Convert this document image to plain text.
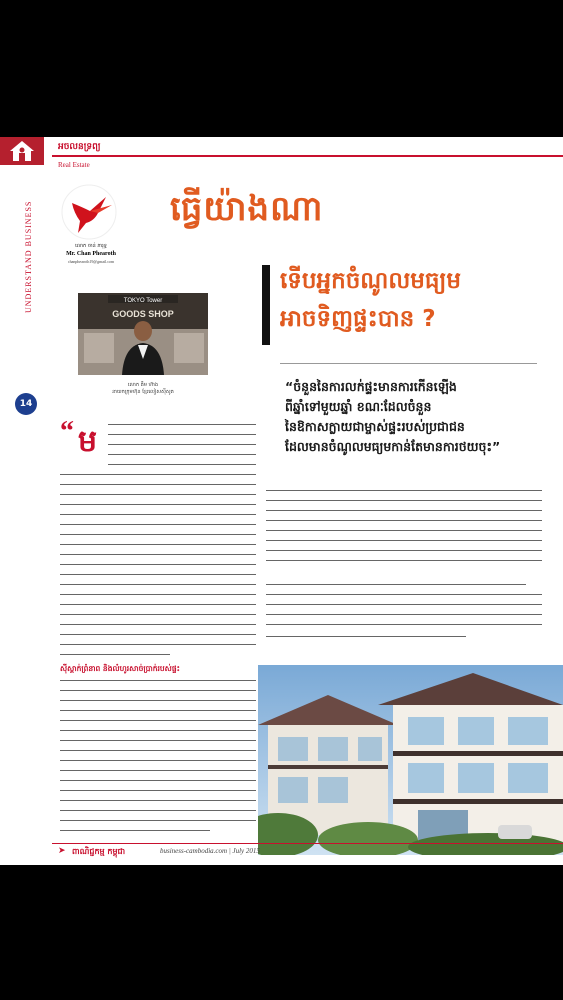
អចលនទ្រព្យ
Real Estate
UNDERSTAND BUSINESS
14
លោក ចាន់ ភារុទ្ធ
Mr. Chan Phearoth
chanphearoth19@gmail.com
ធ្វើយ៉ាងណា
ទើបអ្នកចំណូលមធ្យម
អាចទិញផ្ទះបាន ?
TOKYO Tower
GOODS SHOP
លោក គឹម ហ៊ាង
នាយកក្រុមហ៊ុន ខ្មែរលៀសស៊ីសូត	“ចំនួននៃការលក់ផ្ទះមានការកើនឡើង
ពីឆ្នាំទៅមួយឆ្នាំ ខណៈដែលចំនួន
នៃឱកាសក្លាយជាម្ចាស់ផ្ទះរបស់ប្រជាជន
ដែលមានចំណូលមធ្យមកាន់តែមានការថយចុះ”
“ ម
ស៊ីស្តាក់ព្រំនាព និងលំហូរសាច់ប្រាក់របស់ផ្ទះ
➤ ពាណិជ្ជកម្ម កម្ពុជា	business-cambodia.com | July 2015
